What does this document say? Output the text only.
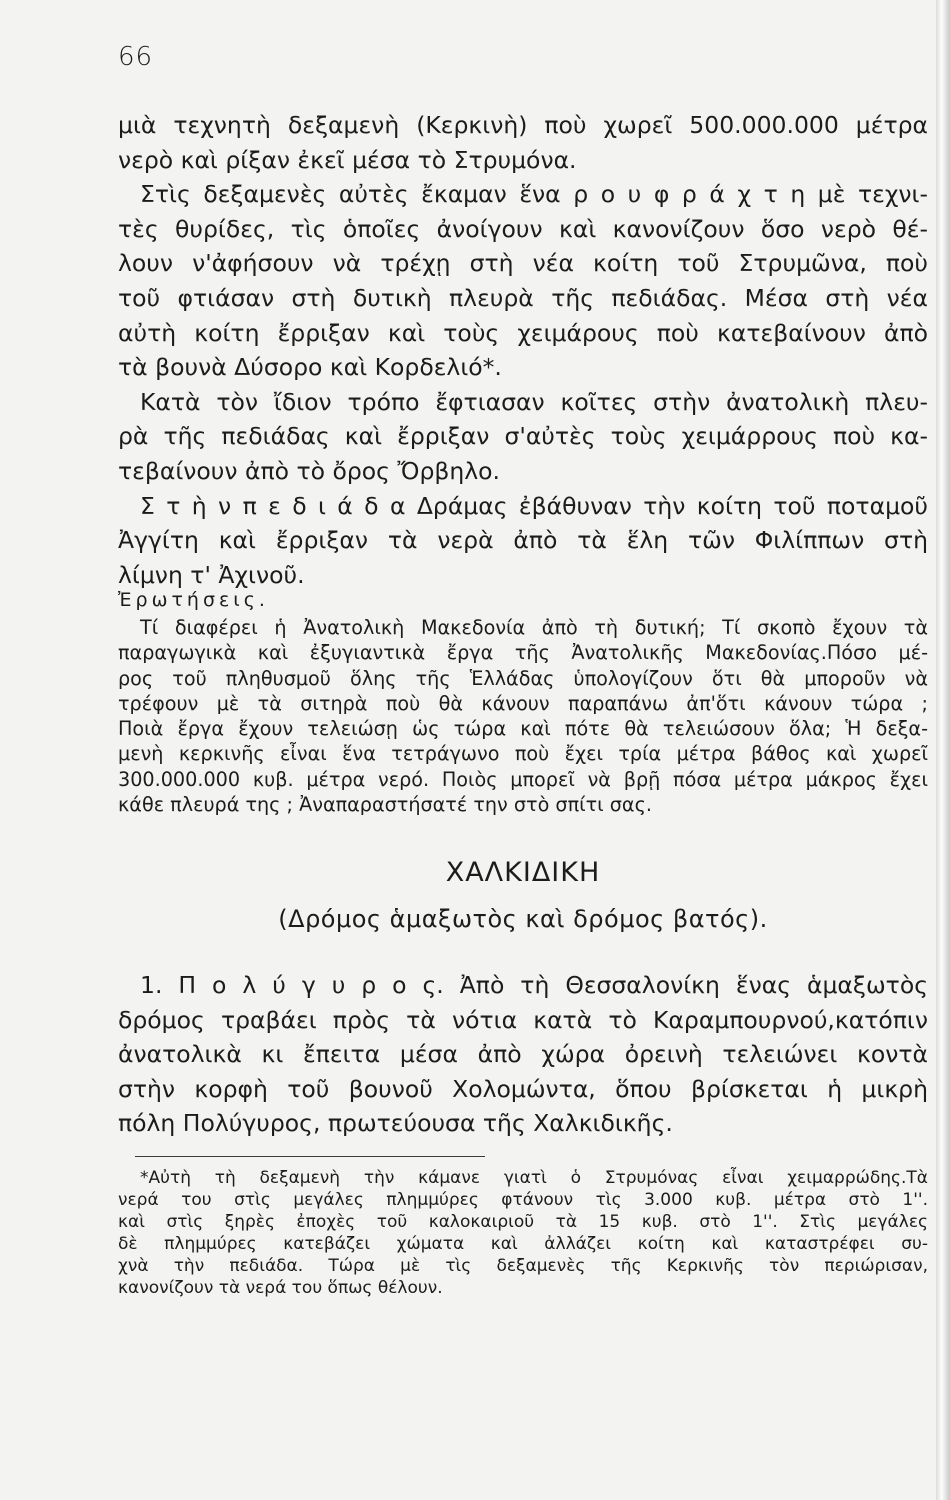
66
μιὰ τεχνητὴ δεξαμενὴ (Κερκινὴ) ποὺ χωρεῖ 500.000.000 μέτρα
νερὸ καὶ ρίξαν ἐκεῖ μέσα τὸ Στρυμόνα.
Στὶς δεξαμενὲς αὐτὲς ἔκαμαν ἕνα ρ ο υ φ ρ ά χ τ η μὲ τεχνι-
τὲς θυρίδες, τὶς ὁποῖες ἀνοίγουν καὶ κανονίζουν ὅσο νερὸ θέ-
λουν ν'ἀφήσουν νὰ τρέχῃ στὴ νέα κοίτη τοῦ Στρυμῶνα, ποὺ
τοῦ φτιάσαν στὴ δυτικὴ πλευρὰ τῆς πεδιάδας. Μέσα στὴ νέα
αὐτὴ κοίτη ἔρριξαν καὶ τοὺς χειμάρους ποὺ κατεβαίνουν ἀπὸ
τὰ βουνὰ Δύσορο καὶ Κορδελιό*.
Κατὰ τὸν ἴδιον τρόπο ἔφτιασαν κοῖτες στὴν ἀνατολικὴ πλευ-
ρὰ τῆς πεδιάδας καὶ ἔρριξαν σ'αὐτὲς τοὺς χειμάρρους ποὺ κα-
τεβαίνουν ἀπὸ τὸ ὄρος Ὄρβηλο.
Σ τ ὴ ν π ε δ ι ά δ α Δράμας ἐβάθυναν τὴν κοίτη τοῦ ποταμοῦ
Ἀγγίτη καὶ ἔρριξαν τὰ νερὰ ἀπὸ τὰ ἕλη τῶν Φιλίππων στὴ
λίμνη τ' Ἀχινοῦ.
Ἐρωτήσεις.
Τί διαφέρει ἡ Ἀνατολικὴ Μακεδονία ἀπὸ τὴ δυτική; Τί σκοπὸ ἔχουν τὰ
παραγωγικὰ καὶ ἐξυγιαντικὰ ἔργα τῆς Ἀνατολικῆς Μακεδονίας.Πόσο μέ-
ρος τοῦ πληθυσμοῦ ὅλης τῆς Ἑλλάδας ὑπολογίζουν ὅτι θὰ μποροῦν νὰ
τρέφουν μὲ τὰ σιτηρὰ ποὺ θὰ κάνουν παραπάνω ἀπ'ὅτι κάνουν τώρα ;
Ποιὰ ἔργα ἔχουν τελειώσῃ ὡς τώρα καὶ πότε θὰ τελειώσουν ὅλα; Ἡ δεξα-
μενὴ κερκινῆς εἶναι ἕνα τετράγωνο ποὺ ἔχει τρία μέτρα βάθος καὶ χωρεῖ
300.000.000 κυβ. μέτρα νερό. Ποιὸς μπορεῖ νὰ βρῇ πόσα μέτρα μάκρος ἔχει
κάθε πλευρά της ; Ἀναπαραστήσατέ την στὸ σπίτι σας.
ΧΑΛΚΙΔΙΚΗ
(Δρόμος ἁμαξωτὸς καὶ δρόμος βατός).
1. Π ο λ ύ γ υ ρ ο ς. Ἀπὸ τὴ Θεσσαλονίκη ἕνας ἁμαξωτὸς
δρόμος τραβάει πρὸς τὰ νότια κατὰ τὸ Καραμπουρνού,κατόπιν
ἀνατολικὰ κι ἔπειτα μέσα ἀπὸ χώρα ὀρεινὴ τελειώνει κοντὰ
στὴν κορφὴ τοῦ βουνοῦ Χολομώντα, ὅπου βρίσκεται ἡ μικρὴ
πόλη Πολύγυρος, πρωτεύουσα τῆς Χαλκιδικῆς.
*Αὐτὴ τὴ δεξαμενὴ τὴν κάμανε γιατὶ ὁ Στρυμόνας εἶναι χειμαρρώδης.Τὰ
νερά του στὶς μεγάλες πλημμύρες φτάνουν τὶς 3.000 κυβ. μέτρα στὸ 1''.
καὶ στὶς ξηρὲς ἐποχὲς τοῦ καλοκαιριοῦ τὰ 15 κυβ. στὸ 1''. Στὶς μεγάλες
δὲ πλημμύρες κατεβάζει χώματα καὶ ἀλλάζει κοίτη καὶ καταστρέφει συ-
χνὰ τὴν πεδιάδα. Τώρα μὲ τὶς δεξαμενὲς τῆς Κερκινῆς τὸν περιώρισαν,
κανονίζουν τὰ νερά του ὅπως θέλουν.
